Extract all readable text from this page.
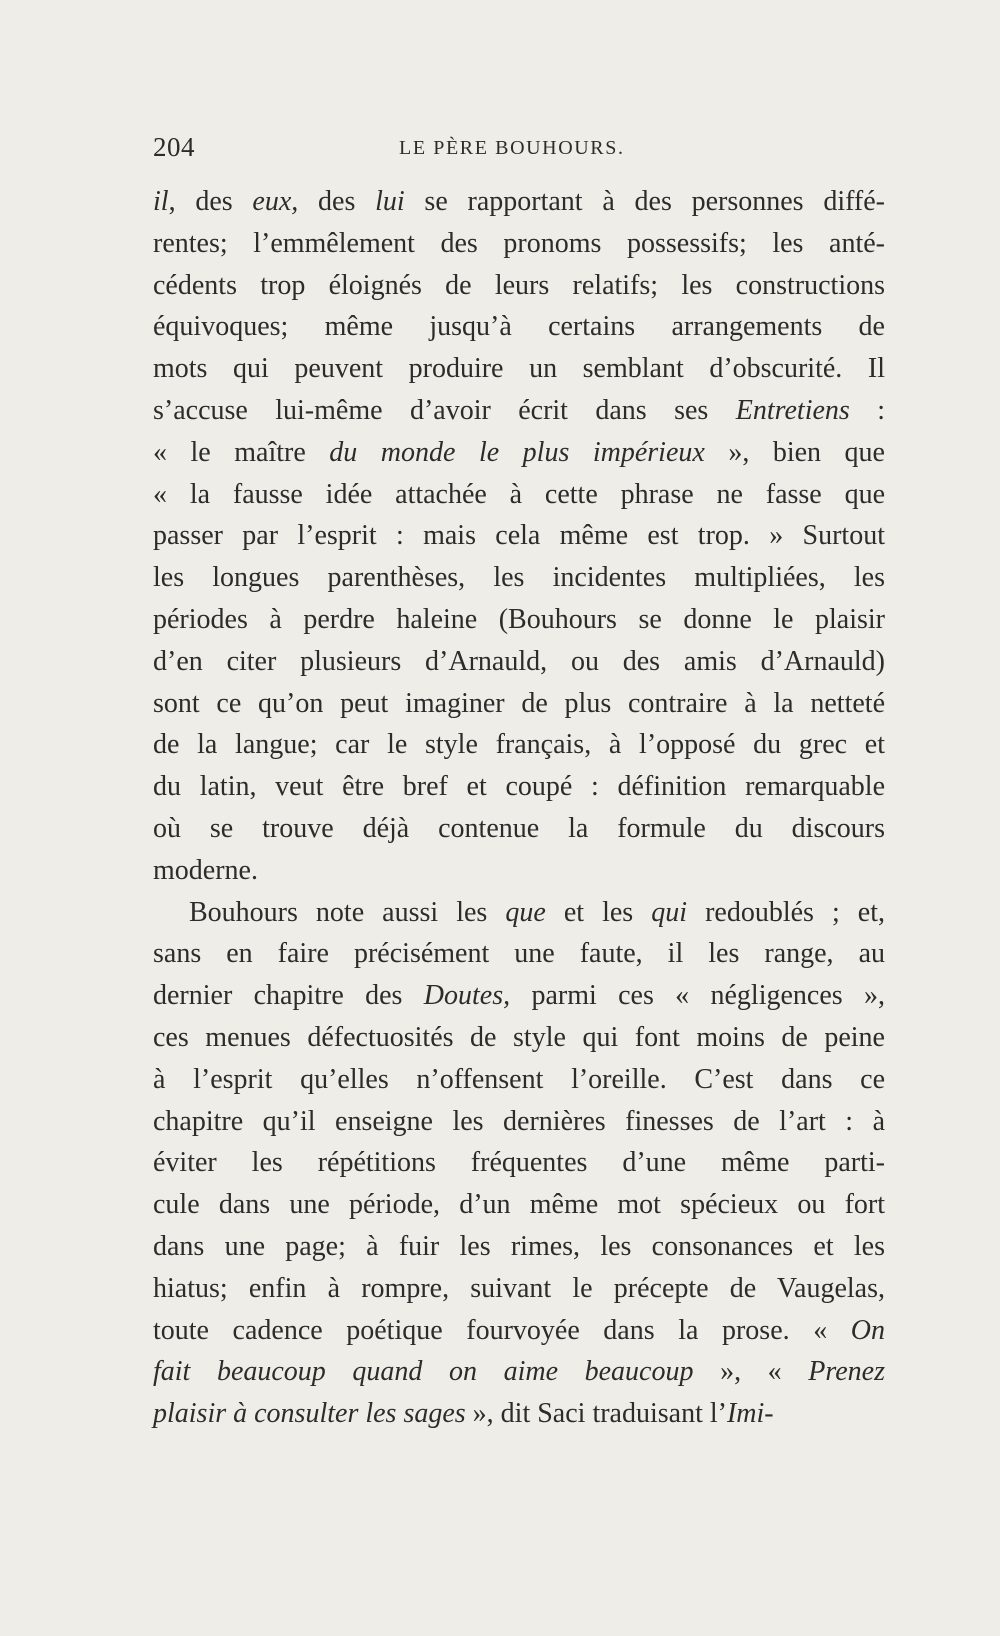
204	LE PÈRE BOUHOURS.
il, des eux, des lui se rapportant à des personnes diffé-
rentes; l’emmêlement des pronoms possessifs; les anté-
cédents trop éloignés de leurs relatifs; les constructions
équivoques; même jusqu’à certains arrangements de
mots qui peuvent produire un semblant d’obscurité. Il
s’accuse lui-même d’avoir écrit dans ses Entretiens :
« le maître du monde le plus impérieux », bien que
« la fausse idée attachée à cette phrase ne fasse que
passer par l’esprit : mais cela même est trop. » Surtout
les longues parenthèses, les incidentes multipliées, les
périodes à perdre haleine (Bouhours se donne le plaisir
d’en citer plusieurs d’Arnauld, ou des amis d’Arnauld)
sont ce qu’on peut imaginer de plus contraire à la netteté
de la langue; car le style français, à l’opposé du grec et
du latin, veut être bref et coupé : définition remarquable
où se trouve déjà contenue la formule du discours
moderne.
Bouhours note aussi les que et les qui redoublés ; et,
sans en faire précisément une faute, il les range, au
dernier chapitre des Doutes, parmi ces « négligences »,
ces menues défectuosités de style qui font moins de peine
à l’esprit qu’elles n’offensent l’oreille. C’est dans ce
chapitre qu’il enseigne les dernières finesses de l’art : à
éviter les répétitions fréquentes d’une même parti-
cule dans une période, d’un même mot spécieux ou fort
dans une page; à fuir les rimes, les consonances et les
hiatus; enfin à rompre, suivant le précepte de Vaugelas,
toute cadence poétique fourvoyée dans la prose. « On
fait beaucoup quand on aime beaucoup », « Prenez
plaisir à consulter les sages », dit Saci traduisant l’Imi-
